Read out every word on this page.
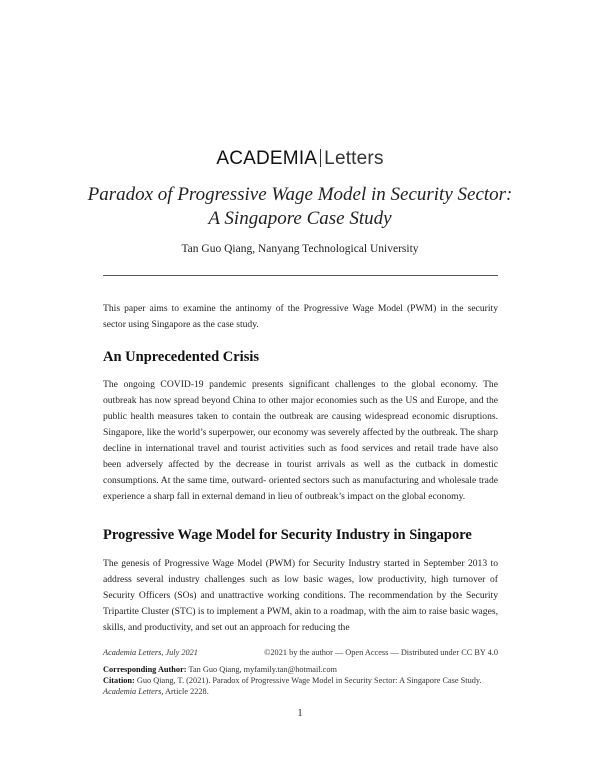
ACADEMIA Letters
Paradox of Progressive Wage Model in Security Sector: A Singapore Case Study
Tan Guo Qiang, Nanyang Technological University
This paper aims to examine the antinomy of the Progressive Wage Model (PWM) in the security sector using Singapore as the case study.
An Unprecedented Crisis
The ongoing COVID-19 pandemic presents significant challenges to the global economy. The outbreak has now spread beyond China to other major economies such as the US and Europe, and the public health measures taken to contain the outbreak are causing widespread economic disruptions. Singapore, like the world’s superpower, our economy was severely affected by the outbreak. The sharp decline in international travel and tourist activities such as food services and retail trade have also been adversely affected by the decrease in tourist arrivals as well as the cutback in domestic consumptions. At the same time, outward- oriented sectors such as manufacturing and wholesale trade experience a sharp fall in external demand in lieu of outbreak’s impact on the global economy.
Progressive Wage Model for Security Industry in Singapore
The genesis of Progressive Wage Model (PWM) for Security Industry started in September 2013 to address several industry challenges such as low basic wages, low productivity, high turnover of Security Officers (SOs) and unattractive working conditions. The recommendation by the Security Tripartite Cluster (STC) is to implement a PWM, akin to a roadmap, with the aim to raise basic wages, skills, and productivity, and set out an approach for reducing the
Academia Letters, July 2021	©2021 by the author — Open Access — Distributed under CC BY 4.0
Corresponding Author: Tan Guo Qiang, myfamily.tan@hotmail.com
Citation: Guo Qiang, T. (2021). Paradox of Progressive Wage Model in Security Sector: A Singapore Case Study. Academia Letters, Article 2228.
1
